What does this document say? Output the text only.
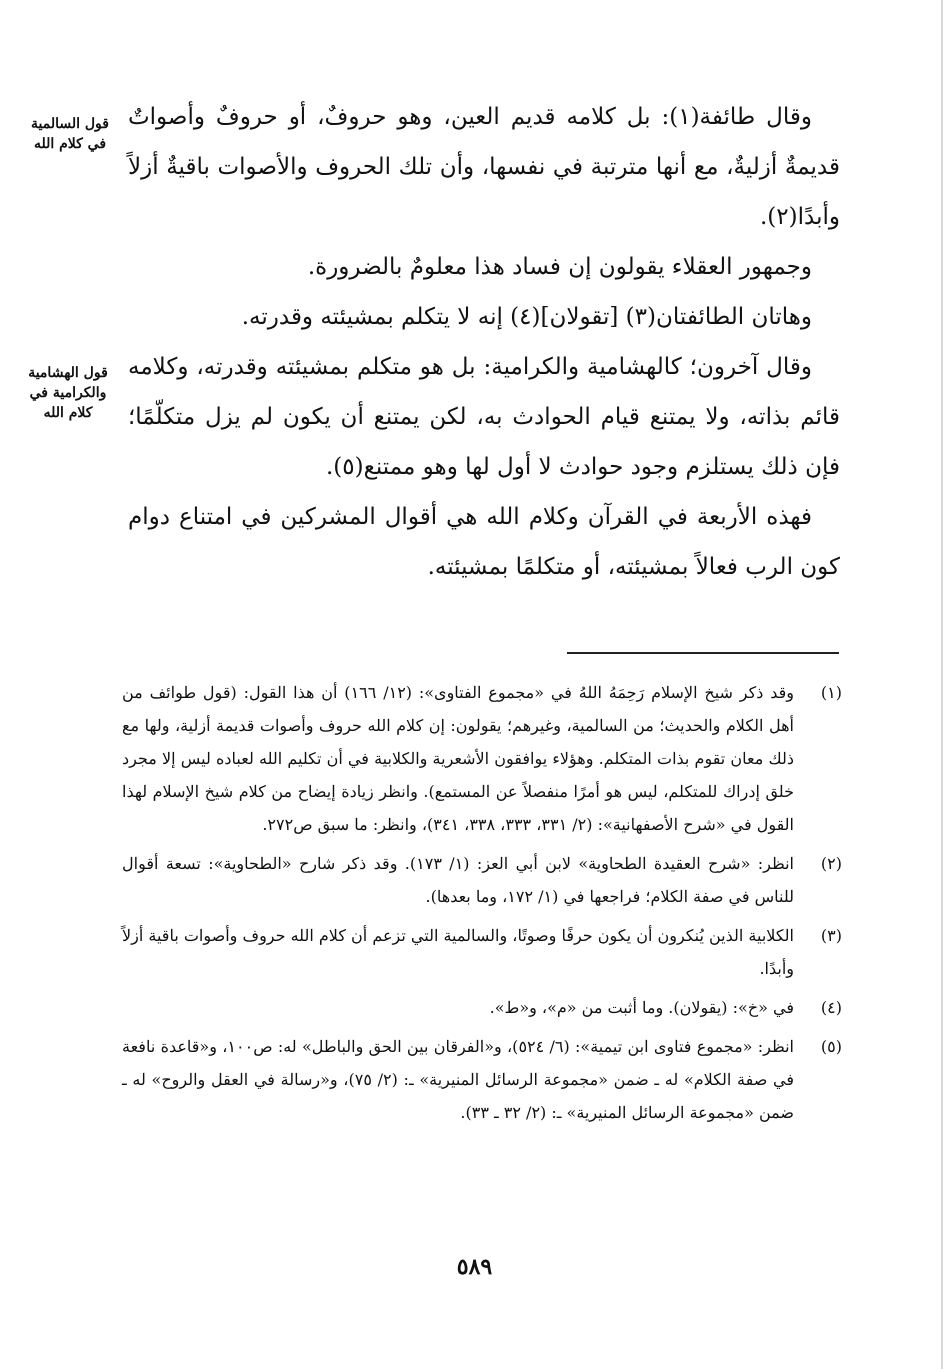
قول السالمية في كلام الله
قول الهشامية والكرامية في كلام الله

وقال طائفة(١): بل كلامه قديم العين، وهو حروفٌ، أو حروفٌ وأصواتٌ قديمةٌ أزليةٌ، مع أنها مترتبة في نفسها، وأن تلك الحروف والأصوات باقيةٌ أزلاً وأبدًا(٢).

وجمهور العقلاء يقولون إن فساد هذا معلومٌ بالضرورة.

وهاتان الطائفتان(٣) [تقولان](٤) إنه لا يتكلم بمشيئته وقدرته.

وقال آخرون؛ كالهشامية والكرامية: بل هو متكلم بمشيئته وقدرته، وكلامه قائم بذاته، ولا يمتنع قيام الحوادث به، لكن يمتنع أن يكون لم يزل متكلّمًا؛ فإن ذلك يستلزم وجود حوادث لا أول لها وهو ممتنع(٥).

فهذه الأربعة في القرآن وكلام الله هي أقوال المشركين في امتناع دوام كون الرب فعالاً بمشيئته، أو متكلمًا بمشيئته.

(١)
وقد ذكر شيخ الإسلام رَحِمَهُ اللهُ في «مجموع الفتاوى»: (١٢/ ١٦٦) أن هذا القول: (قول طوائف من أهل الكلام والحديث؛ من السالمية، وغيرهم؛ يقولون: إن كلام الله حروف وأصوات قديمة أزلية، ولها مع ذلك معان تقوم بذات المتكلم. وهؤلاء يوافقون الأشعرية والكلابية في أن تكليم الله لعباده ليس إلا مجرد خلق إدراك للمتكلم، ليس هو أمرًا منفصلاً عن المستمع). وانظر زيادة إيضاح من كلام شيخ الإسلام لهذا القول في «شرح الأصفهانية»: (٢/ ٣٣١، ٣٣٣، ٣٣٨، ٣٤١)، وانظر: ما سبق ص٢٧٢.
(٢)
انظر: «شرح العقيدة الطحاوية» لابن أبي العز: (١/ ١٧٣). وقد ذكر شارح «الطحاوية»: تسعة أقوال للناس في صفة الكلام؛ فراجعها في (١/ ١٧٢، وما بعدها).
(٣)
الكلابية الذين يُنكرون أن يكون حرفًا وصوتًا، والسالمية التي تزعم أن كلام الله حروف وأصوات باقية أزلاً وأبدًا.
(٤)
في «خ»: (يقولان). وما أثبت من «م»، و«ط».
(٥)
انظر: «مجموع فتاوى ابن تيمية»: (٦/ ٥٢٤)، و«الفرقان بين الحق والباطل» له: ص١٠٠، و«قاعدة نافعة في صفة الكلام» له ـ ضمن «مجموعة الرسائل المنيرية» ـ: (٢/ ٧٥)، و«رسالة في العقل والروح» له ـ ضمن «مجموعة الرسائل المنيرية» ـ: (٢/ ٣٢ ـ ٣٣).
٥٨٩
